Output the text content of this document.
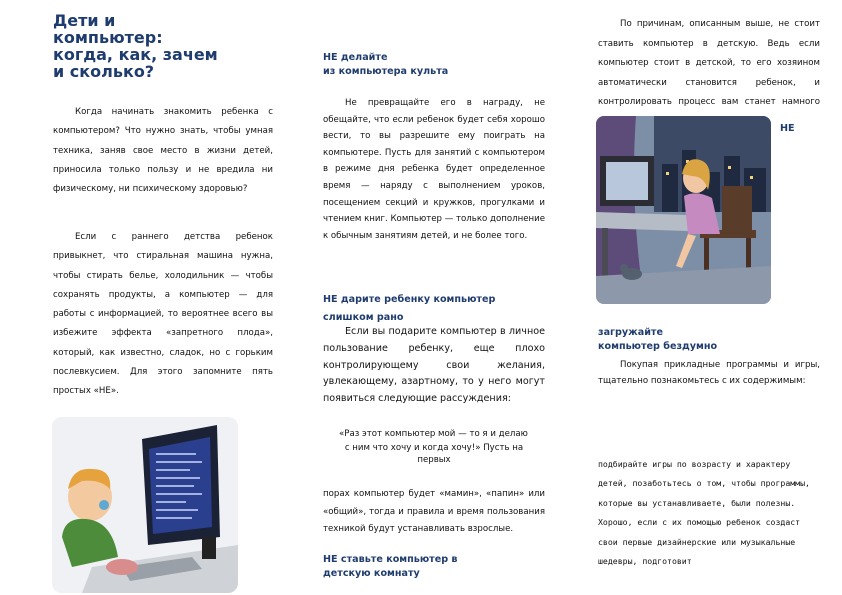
Дети и
компьютер:
когда, как, зачем
и сколько?
Когда начинать знакомить ребенка с компьютером? Что нужно знать, чтобы умная техника, заняв свое место в жизни детей, приносила только пользу и не вредила ни физическому, ни психическому здоровью?
Если с раннего детства ребенок привыкнет, что стиральная машина нужна, чтобы стирать белье, холодильник — чтобы сохранять продукты, а компьютер — для работы с информацией, то вероятнее всего вы избежите эффекта «запретного плода», который, как известно, сладок, но с горьким послевкусием. Для этого запомните пять простых «НЕ».
НЕ делайте
из компьютера культа
Не превращайте его в награду, не обещайте, что если ребенок будет себя хорошо вести, то вы разрешите ему поиграть на компьютере. Пусть для занятий с компьютером в режиме дня ребенка будет определенное время — наряду с выполнением уроков, посещением секций и кружков, прогулками и чтением книг. Компьютер — только дополнение к обычным занятиям детей, и не более того.
НЕ дарите ребенку компьютер
слишком рано
Если вы подарите компьютер в личное пользование ребенку, еще плохо контролирующему свои желания, увлекающему, азартному, то у него могут появиться следующие рассуждения:
«Раз этот компьютер мой — то я и делаю
с ним что хочу и когда хочу!» Пусть на
первых
порах компьютер будет «мамин», «папин» или «общий», тогда и правила и время пользования техникой будут устанавливать взрослые.
НЕ ставьте компьютер в
детскую комнату
По причинам, описанным выше, не стоит ставить компьютер в детскую. Ведь если компьютер стоит в детской, то его хозяином автоматически становится ребенок, и контролировать процесс вам станет намного
НЕ
загружайте
компьютер бездумно
Покупая прикладные программы и игры, тщательно познакомьтесь с их содержимым:
подбирайте игры по возрасту и характеру детей, позаботьтесь о том, чтобы программы, которые вы устанавливаете, были полезны. Хорошо, если с их помощью ребенок создаст свои первые дизайнерские или музыкальные шедевры, подготовит
